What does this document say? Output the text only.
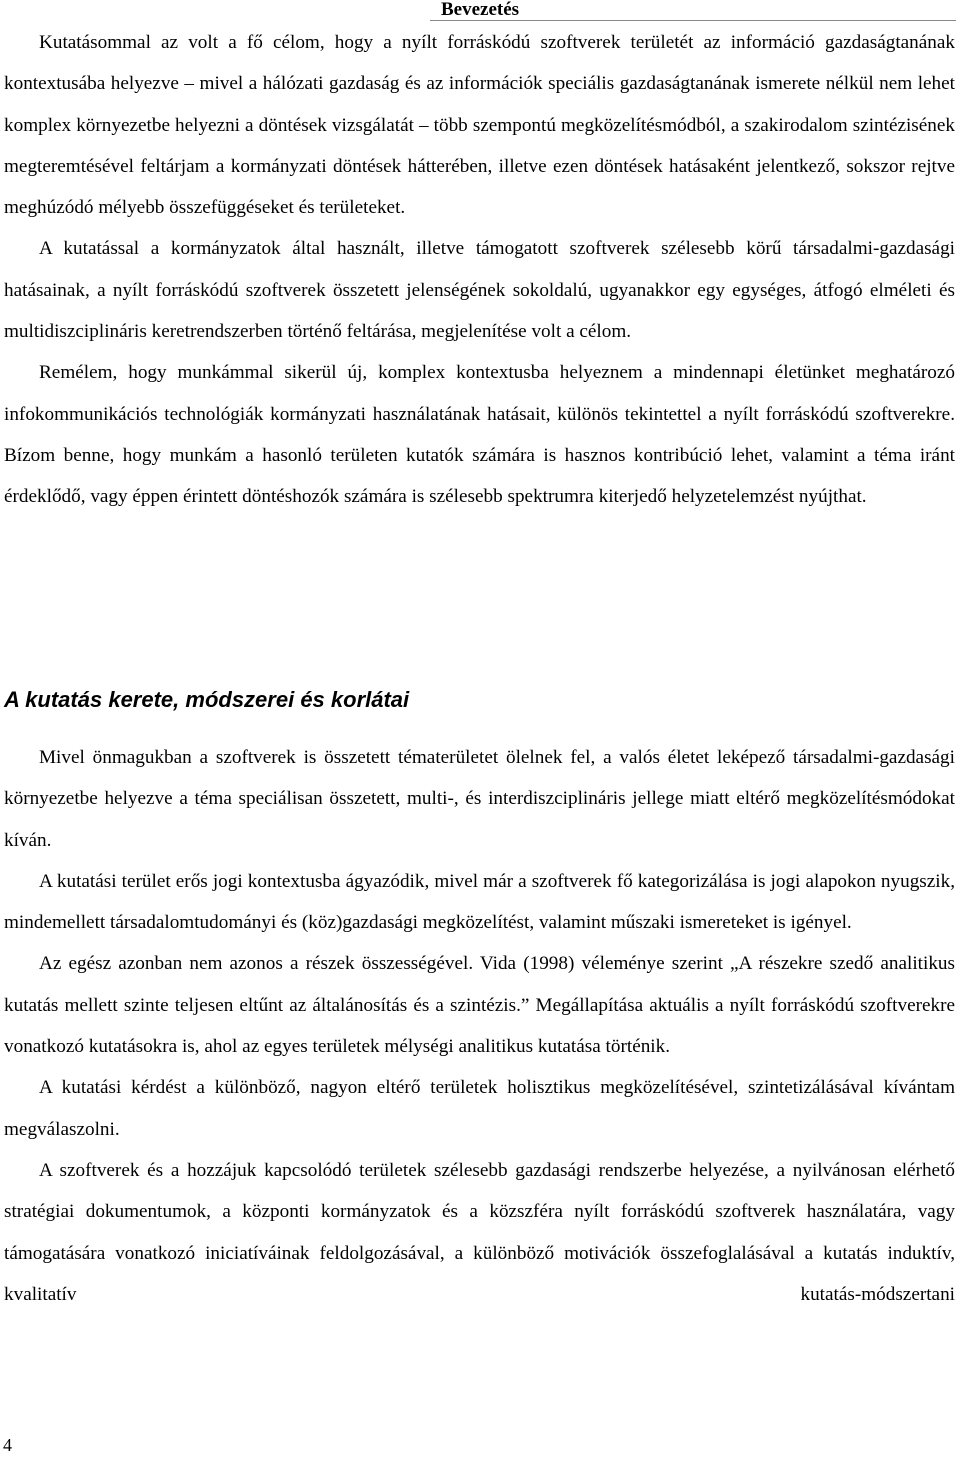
Bevezetés

Kutatásommal az volt a fő célom, hogy a nyílt forráskódú szoftverek területét az információ gazdaságtanának kontextusába helyezve – mivel a hálózati gazdaság és az információk speciális gazdaságtanának ismerete nélkül nem lehet komplex környezetbe helyezni a döntések vizsgálatát – több szempontú megközelítésmódból, a szakirodalom szintézisének megteremtésével feltárjam a kormányzati döntések hátterében, illetve ezen döntések hatásaként jelentkező, sokszor rejtve meghúzódó mélyebb összefüggéseket és területeket.

A kutatással a kormányzatok által használt, illetve támogatott szoftverek szélesebb körű társadalmi-gazdasági hatásainak, a nyílt forráskódú szoftverek összetett jelenségének sokoldalú, ugyanakkor egy egységes, átfogó elméleti és multidiszciplináris keretrendszerben történő feltárása, megjelenítése volt a célom.

Remélem, hogy munkámmal sikerül új, komplex kontextusba helyeznem a mindennapi életünket meghatározó infokommunikációs technológiák kormányzati használatának hatásait, különös tekintettel a nyílt forráskódú szoftverekre. Bízom benne, hogy munkám a hasonló területen kutatók számára is hasznos kontribúció lehet, valamint a téma iránt érdeklődő, vagy éppen érintett döntéshozók számára is szélesebb spektrumra kiterjedő helyzetelemzést nyújthat.

A kutatás kerete, módszerei és korlátai

Mivel önmagukban a szoftverek is összetett tématerületet ölelnek fel, a valós életet leképező társadalmi-gazdasági környezetbe helyezve a téma speciálisan összetett, multi-, és interdiszciplináris jellege miatt eltérő megközelítésmódokat kíván.

A kutatási terület erős jogi kontextusba ágyazódik, mivel már a szoftverek fő kategorizálása is jogi alapokon nyugszik, mindemellett társadalomtudományi és (köz)gazdasági megközelítést, valamint műszaki ismereteket is igényel.

Az egész azonban nem azonos a részek összességével. Vida (1998) véleménye szerint „A részekre szedő analitikus kutatás mellett szinte teljesen eltűnt az általánosítás és a szintézis.” Megállapítása aktuális a nyílt forráskódú szoftverekre vonatkozó kutatásokra is, ahol az egyes területek mélységi analitikus kutatása történik.

A kutatási kérdést a különböző, nagyon eltérő területek holisztikus megközelítésével, szintetizálásával kívántam megválaszolni.

A szoftverek és a hozzájuk kapcsolódó területek szélesebb gazdasági rendszerbe helyezése, a nyilvánosan elérhető stratégiai dokumentumok, a központi kormányzatok és a közszféra nyílt forráskódú szoftverek használatára, vagy támogatására vonatkozó iniciatíváinak feldolgozásával, a különböző motivációk összefoglalásával a kutatás induktív, kvalitatív kutatás-módszertani

4
